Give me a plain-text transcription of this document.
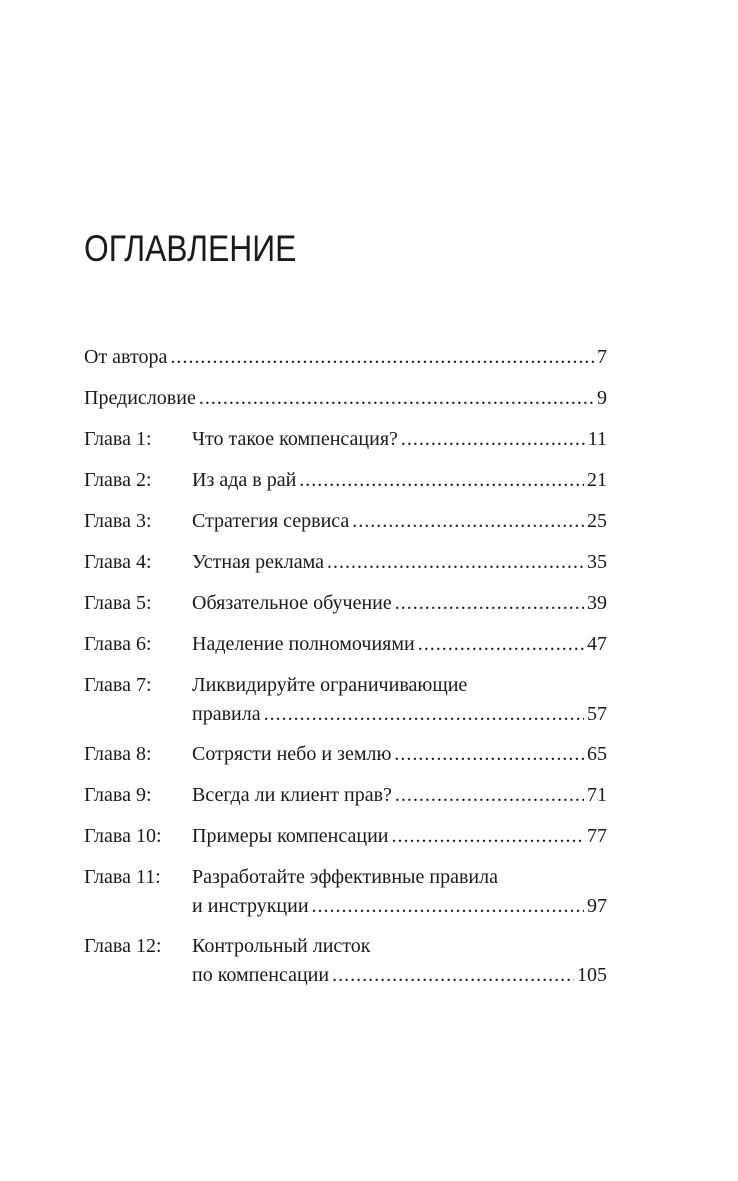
ОГЛАВЛЕНИЕ
От автора .....	7
Предисловие .....	9
Глава 1:	Что такое компенсация? .....	11
Глава 2:	Из ада в рай .....	21
Глава 3:	Стратегия сервиса .....	25
Глава 4:	Устная реклама .....	35
Глава 5:	Обязательное обучение .....	39
Глава 6:	Наделение полномочиями .....	47
Глава 7:	Ликвидируйте ограничивающие
правила .....	57
Глава 8:	Сотрясти небо и землю .....	65
Глава 9:	Всегда ли клиент прав? .....	71
Глава 10:	Примеры компенсации .....	77
Глава 11:	Разработайте эффективные правила
и инструкции .....	97
Глава 12:	Контрольный листок
по компенсации .....	105
